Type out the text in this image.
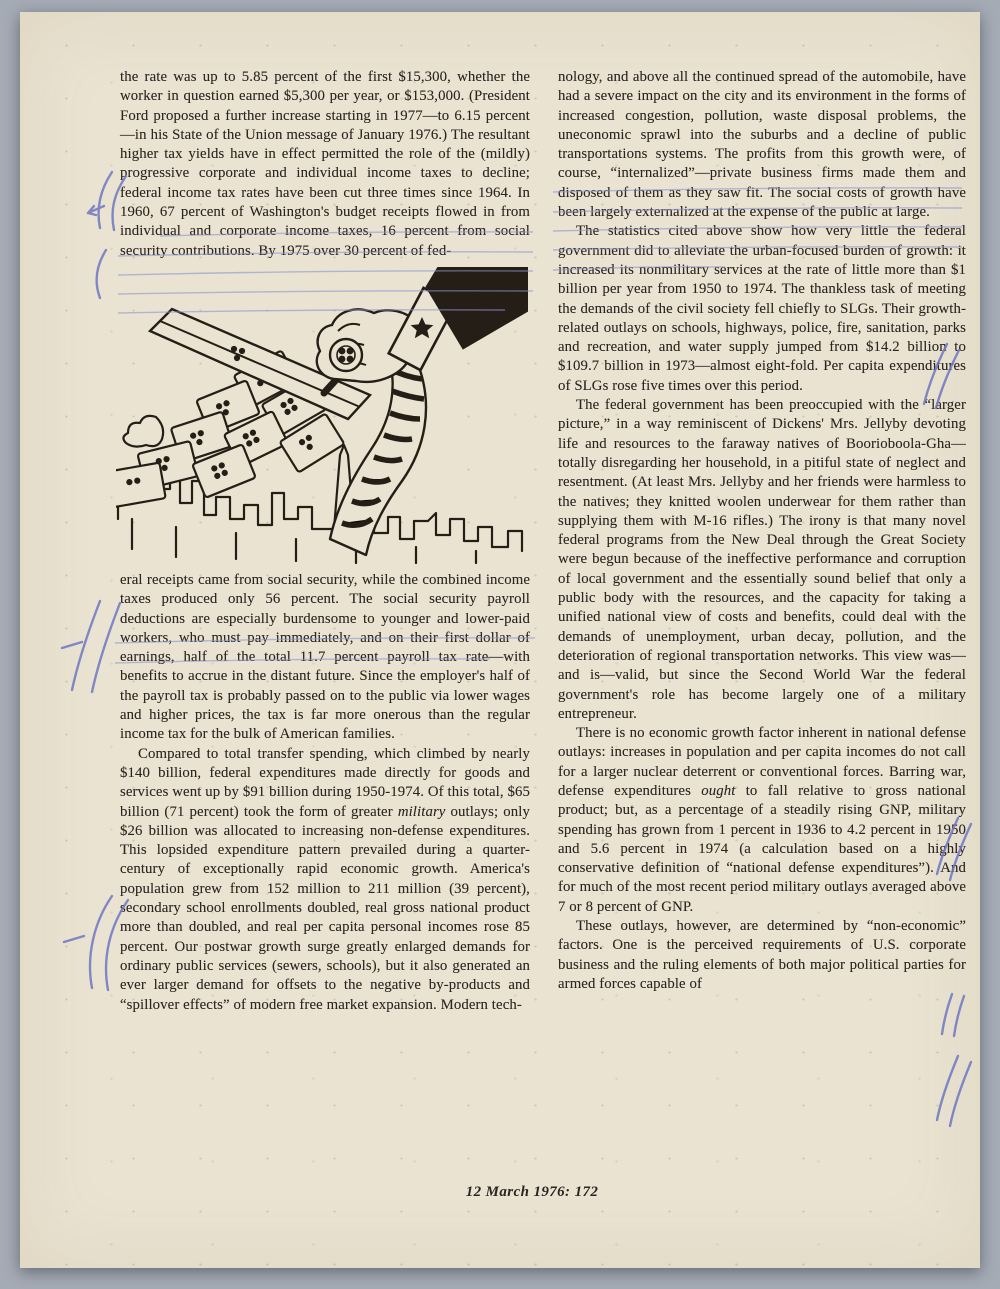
the rate was up to 5.85 percent of the first $15,300, whether the worker in question earned $5,300 per year, or $153,000. (President Ford proposed a further increase starting in 1977—to 6.15 percent—in his State of the Union message of January 1976.) The resultant higher tax yields have in effect permitted the role of the (mildly) progressive corporate and individual income taxes to decline; federal income tax rates have been cut three times since 1964. In 1960, 67 percent of Washington's budget receipts flowed in from individual and corporate income taxes, 16 percent from social security contributions. By 1975 over 30 percent of fed-

eral receipts came from social security, while the combined income taxes produced only 56 percent. The social security payroll deductions are especially burdensome to younger and lower-paid workers, who must pay immediately, and on their first dollar of earnings, half of the total 11.7 percent payroll tax rate—with benefits to accrue in the distant future. Since the employer's half of the payroll tax is probably passed on to the public via lower wages and higher prices, the tax is far more onerous than the regular income tax for the bulk of American families.

Compared to total transfer spending, which climbed by nearly $140 billion, federal expenditures made directly for goods and services went up by $91 billion during 1950-1974. Of this total, $65 billion (71 percent) took the form of greater military outlays; only $26 billion was allocated to increasing non-defense expenditures. This lopsided expenditure pattern prevailed during a quarter-century of exceptionally rapid economic growth. America's population grew from 152 million to 211 million (39 percent), secondary school enrollments doubled, real gross national product more than doubled, and real per capita personal incomes rose 85 percent. Our postwar growth surge greatly enlarged demands for ordinary public services (sewers, schools), but it also generated an ever larger demand for offsets to the negative by-products and “spillover effects” of modern free market expansion. Modern tech-

nology, and above all the continued spread of the automobile, have had a severe impact on the city and its environment in the forms of increased congestion, pollution, waste disposal problems, the uneconomic sprawl into the suburbs and a decline of public transportations systems. The profits from this growth were, of course, “internalized”—private business firms made them and disposed of them as they saw fit. The social costs of growth have been largely externalized at the expense of the public at large.

The statistics cited above show how very little the federal government did to alleviate the urban-focused burden of growth: it increased its nonmilitary services at the rate of little more than $1 billion per year from 1950 to 1974. The thankless task of meeting the demands of the civil society fell chiefly to SLGs. Their growth-related outlays on schools, highways, police, fire, sanitation, parks and recreation, and water supply jumped from $14.2 billion to $109.7 billion in 1973—almost eight-fold. Per capita expenditures of SLGs rose five times over this period.

The federal government has been preoccupied with the “larger picture,” in a way reminiscent of Dickens' Mrs. Jellyby devoting life and resources to the faraway natives of Boorioboola-Gha—totally disregarding her household, in a pitiful state of neglect and resentment. (At least Mrs. Jellyby and her friends were harmless to the natives; they knitted woolen underwear for them rather than supplying them with M-16 rifles.) The irony is that many novel federal programs from the New Deal through the Great Society were begun because of the ineffective performance and corruption of local government and the essentially sound belief that only a public body with the resources, and the capacity for taking a unified national view of costs and benefits, could deal with the demands of unemployment, urban decay, pollution, and the deterioration of regional transportation networks. This view was—and is—valid, but since the Second World War the federal government's role has become largely one of a military entrepreneur.

There is no economic growth factor inherent in national defense outlays: increases in population and per capita incomes do not call for a larger nuclear deterrent or conventional forces. Barring war, defense expenditures ought to fall relative to gross national product; but, as a percentage of a steadily rising GNP, military spending has grown from 1 percent in 1936 to 4.2 percent in 1950 and 5.6 percent in 1974 (a calculation based on a highly conservative definition of “national defense expenditures”). And for much of the most recent period military outlays averaged above 7 or 8 percent of GNP.

These outlays, however, are determined by “non-economic” factors. One is the perceived requirements of U.S. corporate business and the ruling elements of both major political parties for armed forces capable of

12 March 1976: 172
